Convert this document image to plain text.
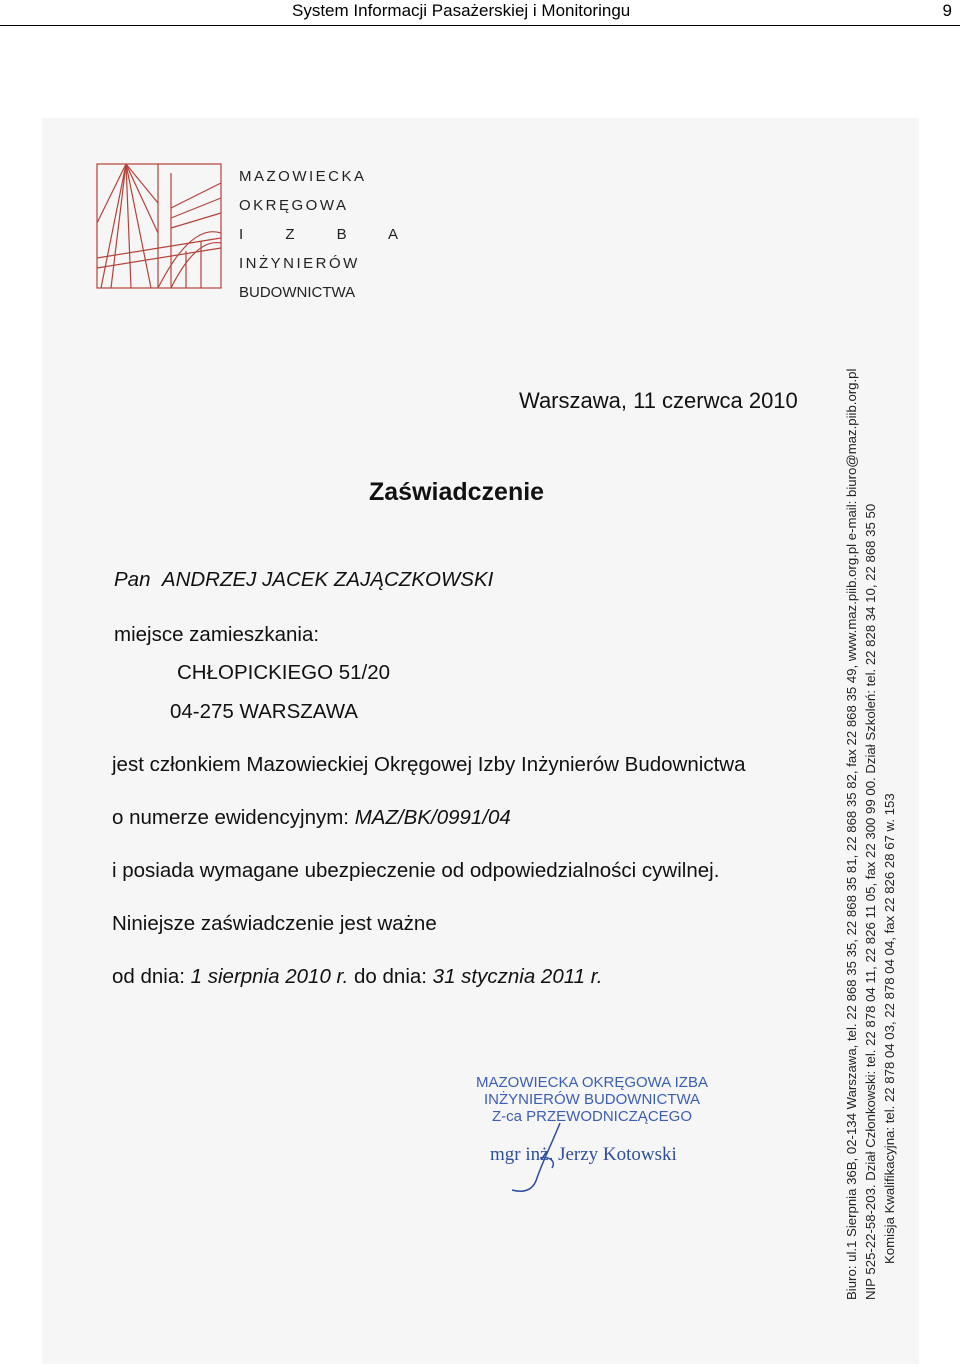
System Informacji Pasażerskiej i Monitoringu	9
MAZOWIECKA
OKRĘGOWA
I Z B A
INŻYNIERÓW
BUDOWNICTWA
Warszawa, 11 czerwca 2010
Zaświadczenie
Pan ANDRZEJ JACEK ZAJĄCZKOWSKI
miejsce zamieszkania:
CHŁOPICKIEGO 51/20
04-275 WARSZAWA
jest członkiem Mazowieckiej Okręgowej Izby Inżynierów Budownictwa
o numerze ewidencyjnym: MAZ/BK/0991/04
i posiada wymagane ubezpieczenie od odpowiedzialności cywilnej.
Niniejsze zaświadczenie jest ważne
od dnia: 1 sierpnia 2010 r. do dnia: 31 stycznia 2011 r.
MAZOWIECKA OKRĘGOWA IZBA
INŻYNIERÓW BUDOWNICTWA
Z-ca PRZEWODNICZĄCEGO
mgr inż. Jerzy Kotowski	Biuro: ul.1 Sierpnia 36B, 02-134 Warszawa, tel. 22 868 35 35, 22 868 35 81, 22 868 35 82, fax 22 868 35 49, www.maz.piib.org.pl e-mail: biuro@maz.piib.org.pl NIP 525-22-58-203. Dział Członkowski: tel. 22 878 04 11, 22 826 11 05, fax 22 300 99 00. Dział Szkoleń: tel. 22 828 34 10, 22 868 35 50 Komisja Kwalifikacyjna: tel. 22 878 04 03, 22 878 04 04, fax 22 826 28 67 w. 153
